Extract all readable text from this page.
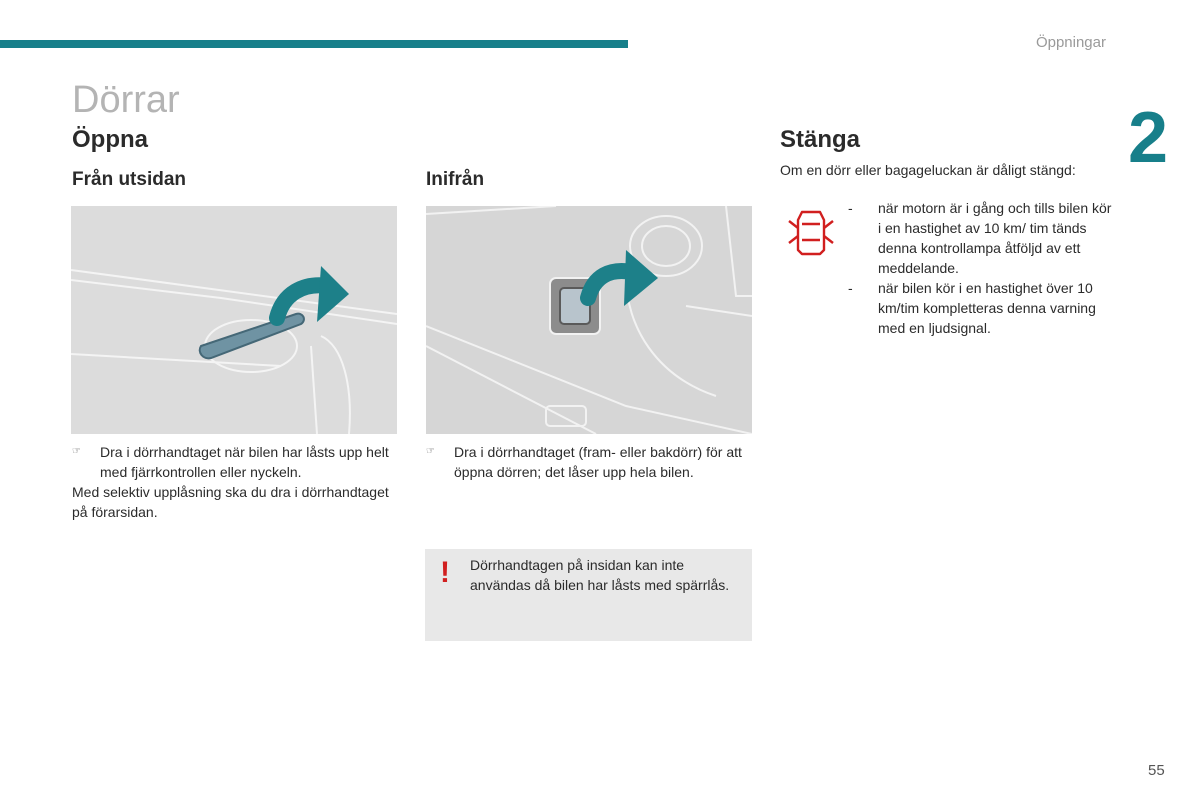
Öppningar
2
Dörrar
Öppna	Stänga
Från utsidan	Inifrån
☞ Dra i dörrhandtaget när bilen har låsts upp helt med fjärrkontrollen eller nyckeln.
Med selektiv upplåsning ska du dra i dörrhandtaget på förarsidan.
☞ Dra i dörrhandtaget (fram- eller bakdörr) för att öppna dörren; det låser upp hela bilen.
! Dörrhandtagen på insidan kan inte användas då bilen har låsts med spärrlås.
Om en dörr eller bagageluckan är dåligt stängd:
- när motorn är i gång och tills bilen kör i en hastighet av 10 km/ tim tänds denna kontrollampa åtföljd av ett meddelande.
- när bilen kör i en hastighet över 10 km/tim kompletteras denna varning med en ljudsignal.
55
